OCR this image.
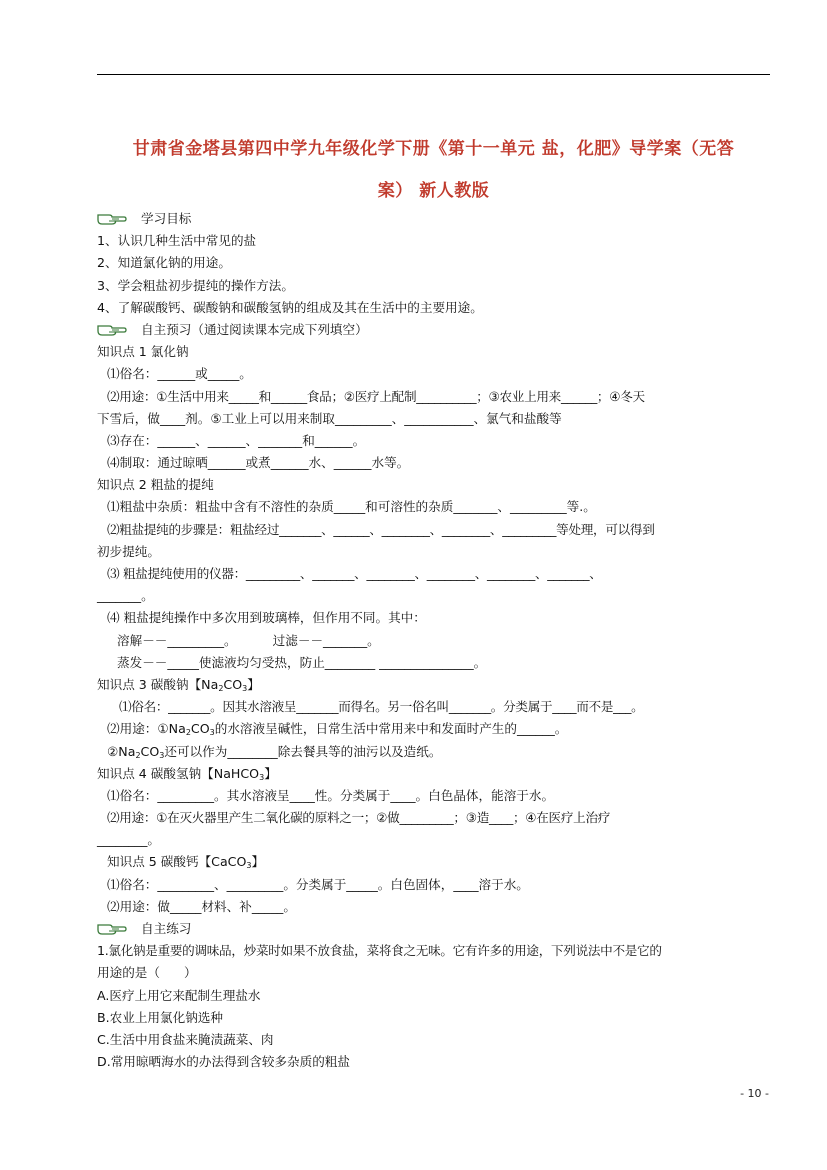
甘肃省金塔县第四中学九年级化学下册《第十一单元 盐，化肥》导学案（无答
案） 新人教版
学习目标
1、认识几种生活中常见的盐
2、知道氯化钠的用途。
3、学会粗盐初步提纯的操作方法。
4、了解碳酸钙、碳酸钠和碳酸氢钠的组成及其在生活中的主要用途。
自主预习（通过阅读课本完成下列填空）
知识点 1 氯化钠
⑴俗名：______或_____。
⑵用途：①生活中用来_____和______食品；②医疗上配制__________；③农业上用来______；④冬天
下雪后，做____剂。⑤工业上可以用来制取_________、___________、氯气和盐酸等
⑶存在：______、______、_______和______。
⑷制取：通过晾晒______或煮______水、______水等。
知识点 2 粗盐的提纯
⑴粗盐中杂质：粗盐中含有不溶性的杂质_____和可溶性的杂质_______、_________等.。
⑵粗盐提纯的步骤是：粗盐经过_______、______、________、________、_________等处理，可以得到
初步提纯。
⑶ 粗盐提纯使用的仪器：_________、_______、________、________、________、_______、
_______。
⑷ 粗盐提纯操作中多次用到玻璃棒，但作用不同。其中：
溶解－－_________。         过滤－－_______。
蒸发－－_____使滤液均匀受热，防止________ _______________。
知识点 3 碳酸钠【$Na_2CO_3$】
⑴俗名：_______。因其水溶液呈_______而得名。另一俗名叫_______。分类属于____而不是___。
⑵用途：$①Na_2CO_3$的水溶液呈碱性，日常生活中常用来中和发面时产生的______。
$②Na_2CO_3$还可以作为________除去餐具等的油污以及造纸。
知识点 4 碳酸氢钠【NaHCO$_3$】
⑴俗名：_________。其水溶液呈____性。分类属于____。白色晶体，能溶于水。
⑵用途：①在灭火器里产生二氧化碳的原料之一；②做_________；③造____；④在医疗上治疗
________。
知识点 5 碳酸钙【CaCO$_3$】
⑴俗名：_________、_________。分类属于_____。白色固体，____溶于水。
⑵用途：做_____材料、补_____。
自主练习
1.氯化钠是重要的调味品，炒菜时如果不放食盐，菜将食之无味。它有许多的用途，下列说法中不是它的
用途的是（      ）
A.医疗上用它来配制生理盐水
B.农业上用氯化钠选种
C.生活中用食盐来腌渍蔬菜、肉
D.常用晾晒海水的办法得到含较多杂质的粗盐
- 10 -
